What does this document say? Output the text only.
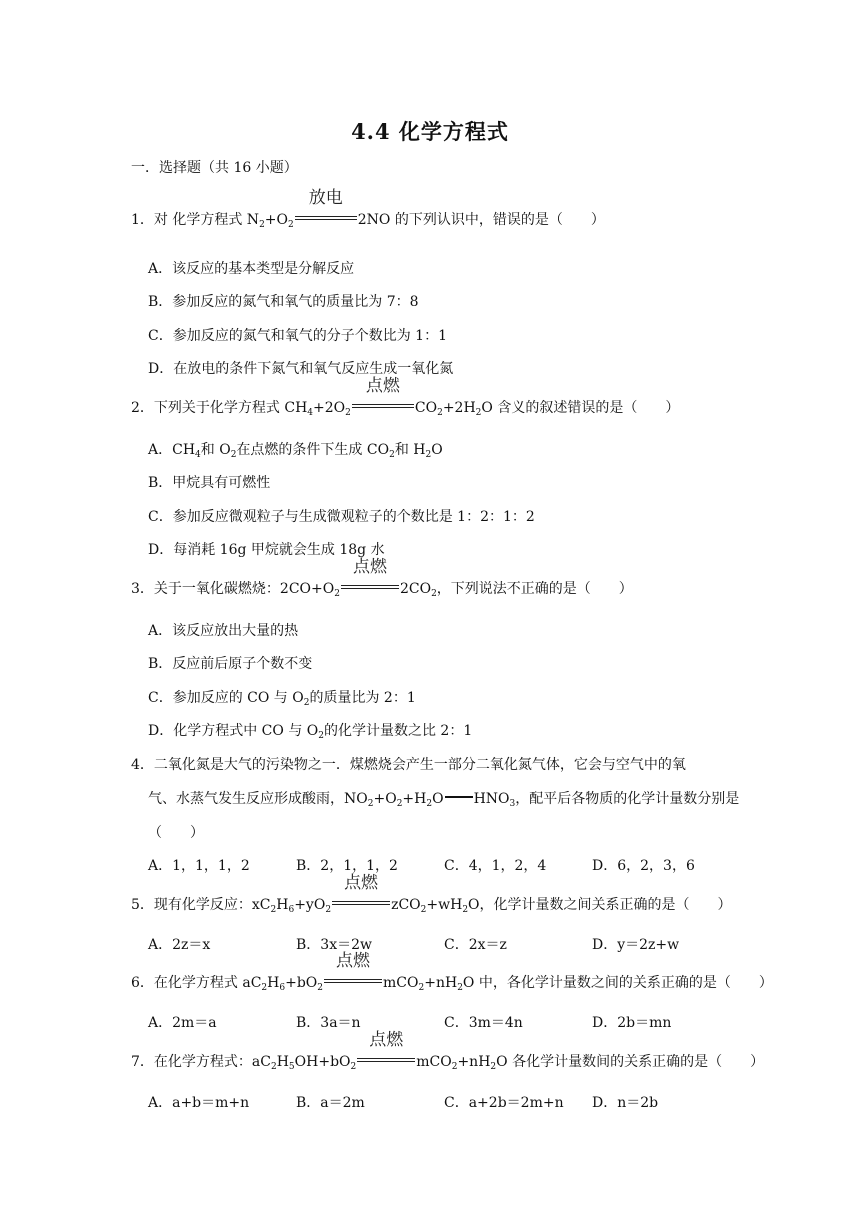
4.4 化学方程式
一．选择题（共 16 小题）
1．对 化学方程式 $N_2+O_2$
放电
2NO 的下列认识中，错误的是（　　）
A．该反应的基本类型是分解反应
B．参加反应的氮气和氧气的质量比为 7：8
C．参加反应的氮气和氧气的分子个数比为 1：1
D．在放电的条件下氮气和氧气反应生成一氧化氮
2．下列关于化学方程式 $CH_4+2O_2$
点燃
$CO_2+2H_2O$ 含义的叙述错误的是（　　）
A．$CH_4$和 $O_2$在点燃的条件下生成 $CO_2$和 $H_2O$
B．甲烷具有可燃性
C．参加反应微观粒子与生成微观粒子的个数比是 1：2：1：2
D．每消耗 16g 甲烷就会生成 18g 水
3．关于一氧化碳燃烧：$2CO+O_2$
点燃
$2CO_2$，下列说法不正确的是（　　）
A．该反应放出大量的热
B．反应前后原子个数不变
C．参加反应的 CO 与 $O_2$的质量比为 2：1
D．化学方程式中 CO 与 $O_2$的化学计量数之比 2：1
4．二氧化氮是大气的污染物之一．煤燃烧会产生一部分二氧化氮气体，它会与空气中的氧
气、水蒸气发生反应形成酸雨，$NO_2+O_2+H_2O$ $HNO_3$，配平后各物质的化学计量数分别是
（　　）
A．1，1，1，2	B．2，1，1，2	C．4，1，2，4	D．6，2，3，6
5．现有化学反应：$xC_2H_6+yO_2$
点燃
$zCO_2+wH_2O$，化学计量数之间关系正确的是（　　）
A．2z＝x	B．3x＝2w	C．2x＝z	D．y＝2z+w
6．在化学方程式 $aC_2H_6+bO_2$
点燃
$mCO_2+nH_2O$ 中，各化学计量数之间的关系正确的是（　　）
A．2m＝a	B．3a＝n	C．3m＝4n	D．2b＝mn
7．在化学方程式：$aC_2H_5OH+bO_2$
点燃
$mCO_2+nH_2O$ 各化学计量数间的关系正确的是（　　）
A．a+b＝m+n	B．a＝2m	C．a+2b＝2m+n D．n＝2b
